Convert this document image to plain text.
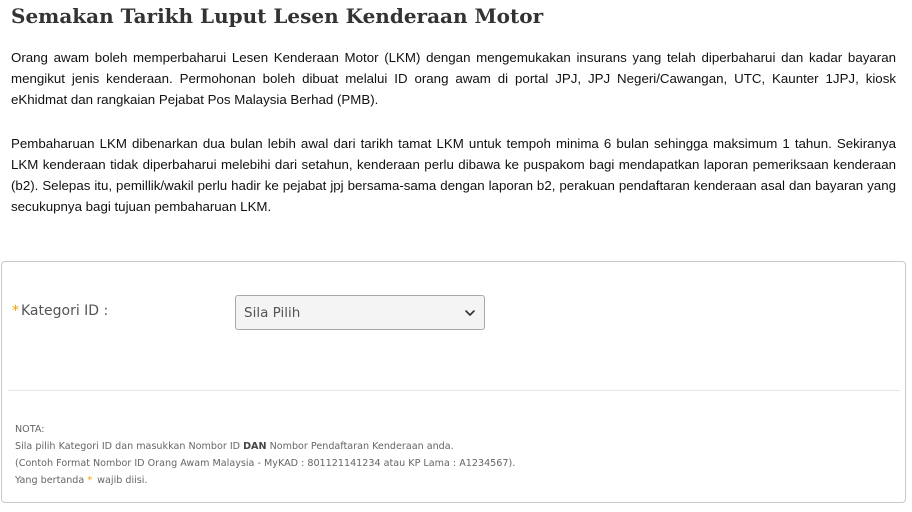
Semakan Tarikh Luput Lesen Kenderaan Motor

Orang awam boleh memperbaharui Lesen Kenderaan Motor (LKM) dengan mengemukakan insurans yang telah diperbaharui dan kadar bayaran mengikut jenis kenderaan. Permohonan boleh dibuat melalui ID orang awam di portal JPJ, JPJ Negeri/Cawangan, UTC, Kaunter 1JPJ, kiosk eKhidmat dan rangkaian Pejabat Pos Malaysia Berhad (PMB).

Pembaharuan LKM dibenarkan dua bulan lebih awal dari tarikh tamat LKM untuk tempoh minima 6 bulan sehingga maksimum 1 tahun. Sekiranya LKM kenderaan tidak diperbaharui melebihi dari setahun, kenderaan perlu dibawa ke puspakom bagi mendapatkan laporan pemeriksaan kenderaan (b2). Selepas itu, pemillik/wakil perlu hadir ke pejabat jpj bersama-sama dengan laporan b2, perakuan pendaftaran kenderaan asal dan bayaran yang secukupnya bagi tujuan pembaharuan LKM.

* Kategori ID :	Sila Pilih
NOTA:
Sila pilih Kategori ID dan masukkan Nombor ID DAN Nombor Pendaftaran Kenderaan anda.
(Contoh Format Nombor ID Orang Awam Malaysia - MyKAD : 801121141234 atau KP Lama : A1234567).
Yang bertanda * wajib diisi.
